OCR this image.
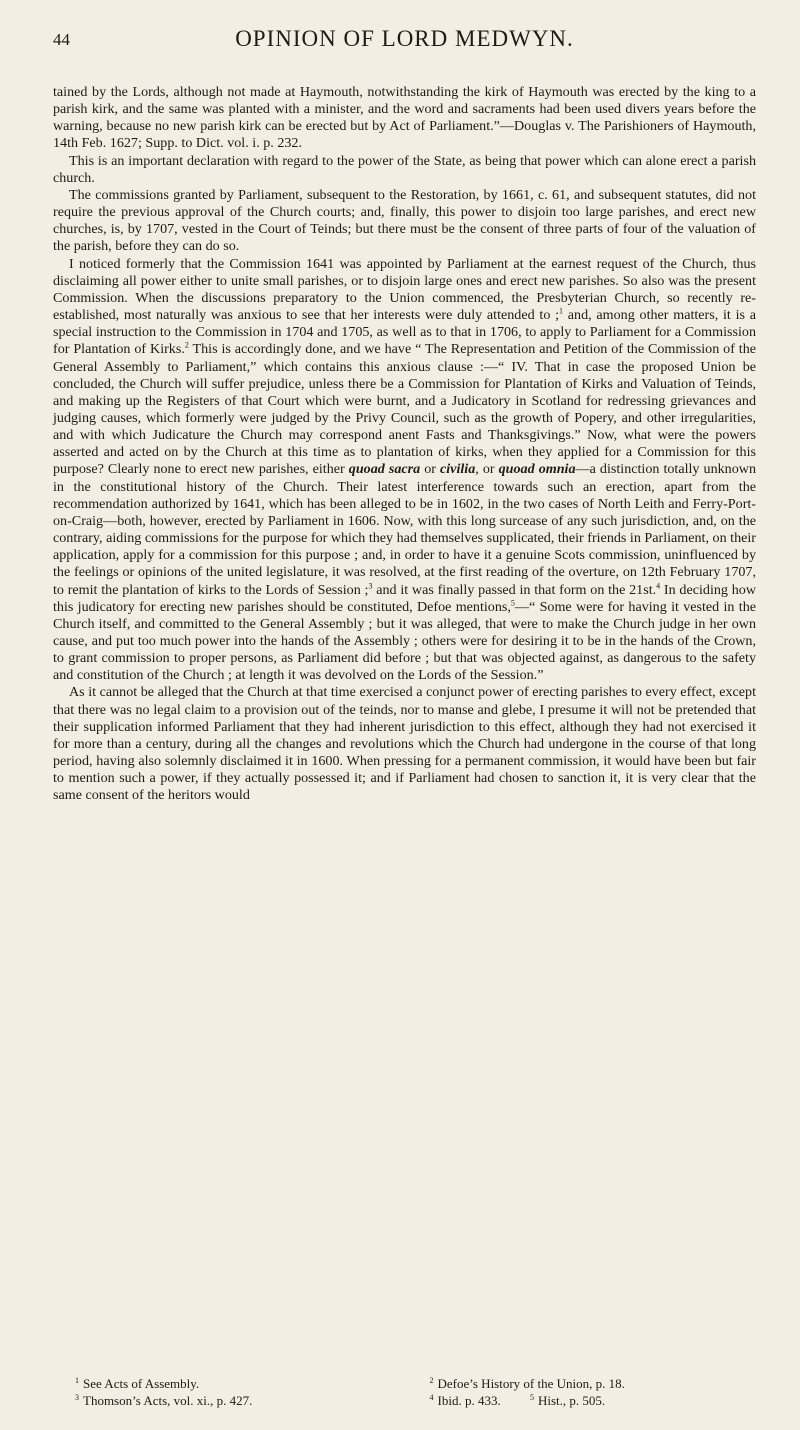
44	OPINION OF LORD MEDWYN.

tained by the Lords, although not made at Haymouth, notwithstanding the kirk of Haymouth was erected by the king to a parish kirk, and the same was planted with a minister, and the word and sacraments had been used divers years before the warning, because no new parish kirk can be erected but by Act of Parliament.”—Douglas v. The Parishioners of Haymouth, 14th Feb. 1627; Supp. to Dict. vol. i. p. 232.

This is an important declaration with regard to the power of the State, as being that power which can alone erect a parish church.

The commissions granted by Parliament, subsequent to the Restoration, by 1661, c. 61, and subsequent statutes, did not require the previous approval of the Church courts; and, finally, this power to disjoin too large parishes, and erect new churches, is, by 1707, vested in the Court of Teinds; but there must be the consent of three parts of four of the valuation of the parish, before they can do so.

I noticed formerly that the Commission 1641 was appointed by Parliament at the earnest request of the Church, thus disclaiming all power either to unite small parishes, or to disjoin large ones and erect new parishes. So also was the present Commission. When the discussions preparatory to the Union commenced, the Presbyterian Church, so recently re-established, most naturally was anxious to see that her interests were duly attended to ;$^1$ and, among other matters, it is a special instruction to the Commission in 1704 and 1705, as well as to that in 1706, to apply to Parliament for a Commission for Plantation of Kirks.$^2$ This is accordingly done, and we have “ The Representation and Petition of the Commission of the General Assembly to Parliament,” which contains this anxious clause :—“ IV. That in case the proposed Union be concluded, the Church will suffer prejudice, unless there be a Commission for Plantation of Kirks and Valuation of Teinds, and making up the Registers of that Court which were burnt, and a Judicatory in Scotland for redressing grievances and judging causes, which formerly were judged by the Privy Council, such as the growth of Popery, and other irregularities, and with which Judicature the Church may correspond anent Fasts and Thanksgivings.” Now, what were the powers asserted and acted on by the Church at this time as to plantation of kirks, when they applied for a Commission for this purpose? Clearly none to erect new parishes, either quoad sacra or civilia, or quoad omnia—a distinction totally unknown in the constitutional history of the Church. Their latest interference towards such an erection, apart from the recommendation authorized by 1641, which has been alleged to be in 1602, in the two cases of North Leith and Ferry-Port-on-Craig—both, however, erected by Parliament in 1606. Now, with this long surcease of any such jurisdiction, and, on the contrary, aiding commissions for the purpose for which they had themselves supplicated, their friends in Parliament, on their application, apply for a commission for this purpose ; and, in order to have it a genuine Scots commission, uninfluenced by the feelings or opinions of the united legislature, it was resolved, at the first reading of the overture, on 12th February 1707, to remit the plantation of kirks to the Lords of Session ;$^3$ and it was finally passed in that form on the 21st.$^4$ In deciding how this judicatory for erecting new parishes should be constituted, Defoe mentions,$^5$—“ Some were for having it vested in the Church itself, and committed to the General Assembly ; but it was alleged, that were to make the Church judge in her own cause, and put too much power into the hands of the Assembly ; others were for desiring it to be in the hands of the Crown, to grant commission to proper persons, as Parliament did before ; but that was objected against, as dangerous to the safety and constitution of the Church ; at length it was devolved on the Lords of the Session.”

As it cannot be alleged that the Church at that time exercised a conjunct power of erecting parishes to every effect, except that there was no legal claim to a provision out of the teinds, nor to manse and glebe, I presume it will not be pretended that their supplication informed Parliament that they had inherent jurisdiction to this effect, although they had not exercised it for more than a century, during all the changes and revolutions which the Church had undergone in the course of that long period, having also solemnly disclaimed it in 1600. When pressing for a permanent commission, it would have been but fair to mention such a power, if they actually possessed it; and if Parliament had chosen to sanction it, it is very clear that the same consent of the heritors would

$^1$ See Acts of Assembly.	$^2$ Defoe’s History of the Union, p. 18.
$^3$ Thomson’s Acts, vol. xi., p. 427.	$^4$ Ibid. p. 433.	$^5$ Hist., p. 505.
